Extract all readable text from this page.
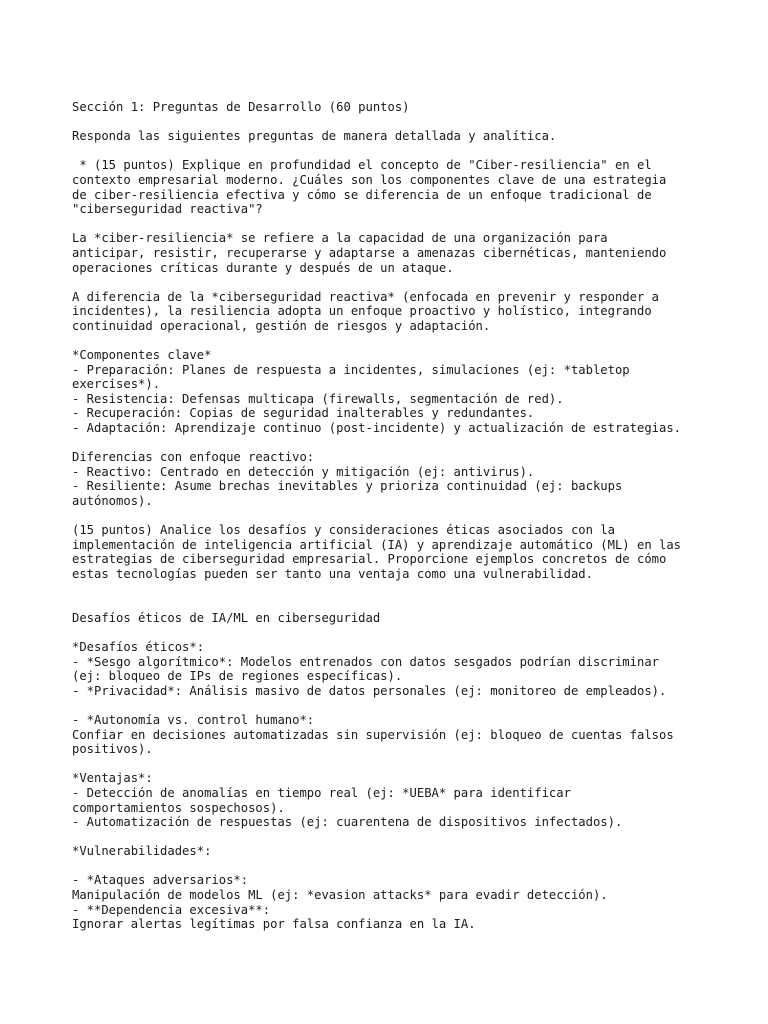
Sección 1: Preguntas de Desarrollo (60 puntos)
Responda las siguientes preguntas de manera detallada y analítica.
* (15 puntos) Explique en profundidad el concepto de "Ciber-resiliencia" en el
contexto empresarial moderno. ¿Cuáles son los componentes clave de una estrategia
de ciber-resiliencia efectiva y cómo se diferencia de un enfoque tradicional de
"ciberseguridad reactiva"?
La *ciber-resiliencia* se refiere a la capacidad de una organización para
anticipar, resistir, recuperarse y adaptarse a amenazas cibernéticas, manteniendo
operaciones críticas durante y después de un ataque.
A diferencia de la *ciberseguridad reactiva* (enfocada en prevenir y responder a
incidentes), la resiliencia adopta un enfoque proactivo y holístico, integrando
continuidad operacional, gestión de riesgos y adaptación.
*Componentes clave*
- Preparación: Planes de respuesta a incidentes, simulaciones (ej: *tabletop
exercises*).
- Resistencia: Defensas multicapa (firewalls, segmentación de red).
- Recuperación: Copias de seguridad inalterables y redundantes.
- Adaptación: Aprendizaje continuo (post-incidente) y actualización de estrategias.
Diferencias con enfoque reactivo:
- Reactivo: Centrado en detección y mitigación (ej: antivirus).
- Resiliente: Asume brechas inevitables y prioriza continuidad (ej: backups
autónomos).
(15 puntos) Analice los desafíos y consideraciones éticas asociados con la
implementación de inteligencia artificial (IA) y aprendizaje automático (ML) en las
estrategias de ciberseguridad empresarial. Proporcione ejemplos concretos de cómo
estas tecnologías pueden ser tanto una ventaja como una vulnerabilidad.
Desafíos éticos de IA/ML en ciberseguridad
*Desafíos éticos*:
- *Sesgo algorítmico*: Modelos entrenados con datos sesgados podrían discriminar
(ej: bloqueo de IPs de regiones específicas).
- *Privacidad*: Análisis masivo de datos personales (ej: monitoreo de empleados).
- *Autonomía vs. control humano*:
Confiar en decisiones automatizadas sin supervisión (ej: bloqueo de cuentas falsos
positivos).
*Ventajas*:
- Detección de anomalías en tiempo real (ej: *UEBA* para identificar
comportamientos sospechosos).
- Automatización de respuestas (ej: cuarentena de dispositivos infectados).
*Vulnerabilidades*:
- *Ataques adversarios*:
Manipulación de modelos ML (ej: *evasion attacks* para evadir detección).
- **Dependencia excesiva**:
Ignorar alertas legítimas por falsa confianza en la IA.
